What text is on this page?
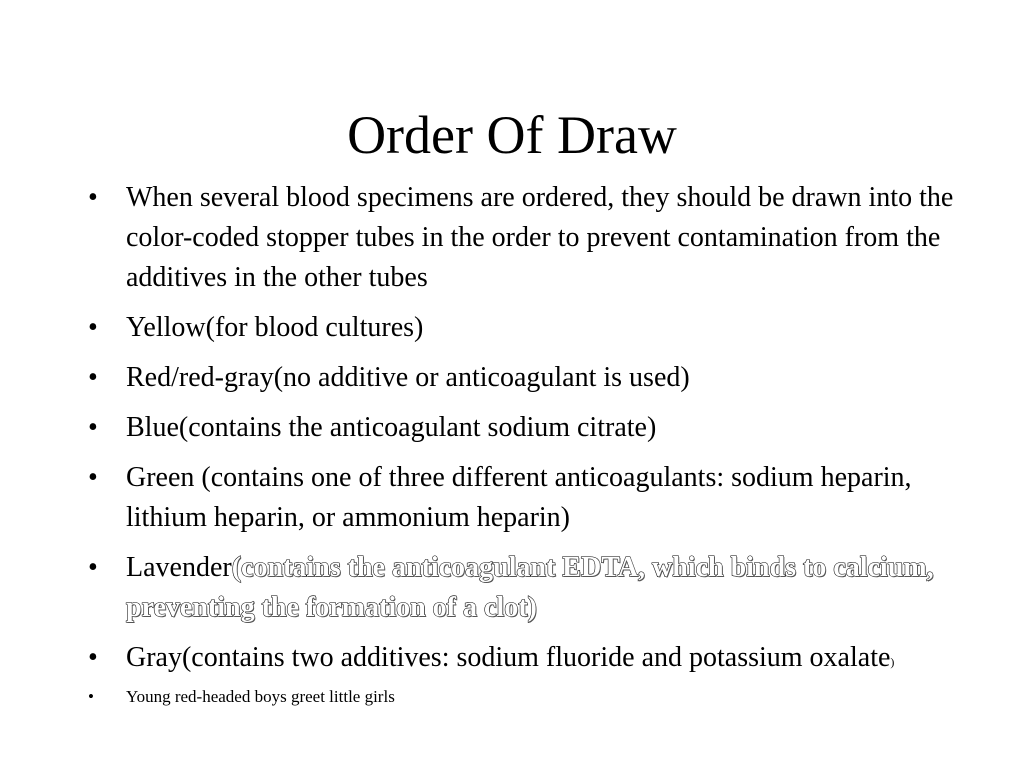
Order Of Draw
• When several blood specimens are ordered, they should be drawn into the color-coded stopper tubes in the order to prevent contamination from the additives in the other tubes
• Yellow(for blood cultures)
• Red/red-gray(no additive or anticoagulant is used)
• Blue(contains the anticoagulant sodium citrate)
• Green (contains one of three different anticoagulants: sodium heparin, lithium heparin, or ammonium heparin)
• Lavender(contains the anticoagulant EDTA, which binds to calcium, preventing the formation of a clot)
• Gray(contains two additives: sodium fluoride and potassium oxalate)
• Young red-headed boys greet little girls
